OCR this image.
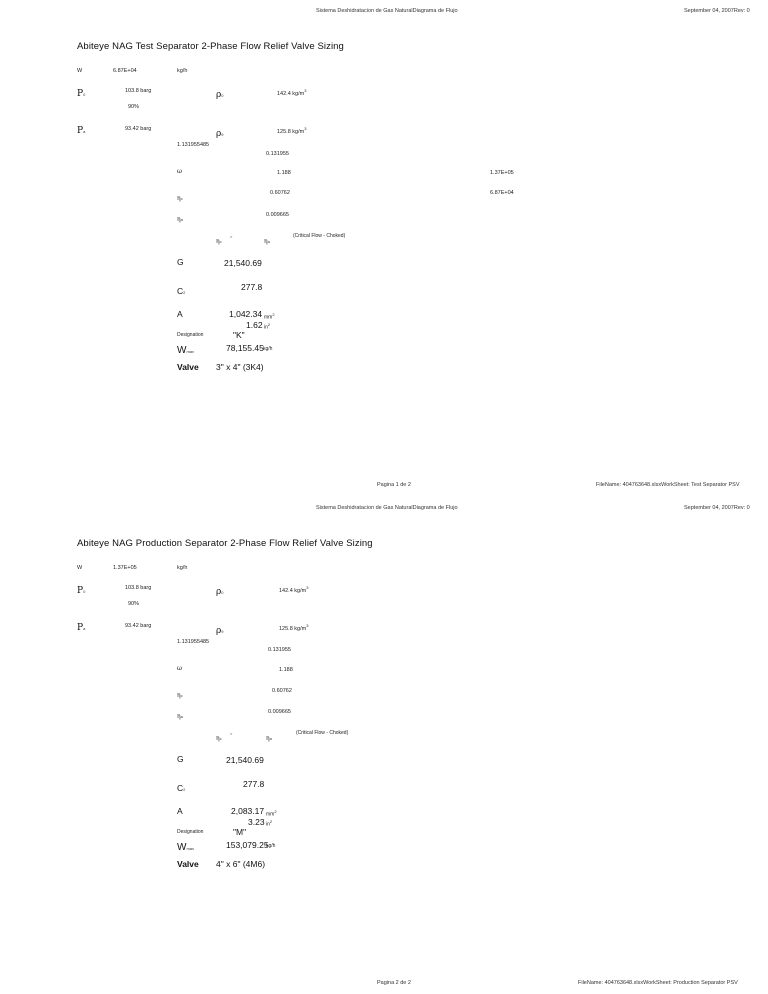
Sistema Deshidratacion de Gas NaturalDiagrama de Flujo	September 04, 2007Rev: 0
Abiteye NAG Test Separator 2-Phase Flow Relief Valve Sizing
W	6.87E+04	kg/h
P0
103.8 barg	ρ0	142.4 $kg/m^3$
90%
Pa	93.42 barg	ρ9	125.8 $kg/m^3$
1.131955485
0.131955
ω	1.188	1.37E+05
ηc
0.60762	6.87E+04
ηa
0.009665
ηc
>
ηa
(Critical Flow - Choked)
G	21,540.69
C2
277.8
A	1,042.34 $mm^2$
1.62 $in^2$
Designation	"K"
Wmax	78,155.45 kg/h
Valve 3" x 4" (3K4)
Pagina 1 de 2	FileName: 404763648.xlsxWorkSheet: Test Separator PSV
Sistema Deshidratacion de Gas NaturalDiagrama de Flujo	September 04, 2007Rev: 0
Abiteye NAG Production Separator 2-Phase Flow Relief Valve Sizing
W	1.37E+05	kg/h
P0
103.8 barg	ρ0	142.4 $kg/m^3$
90%
Pa	93.42 barg	ρ9	125.8 $kg/m^3$
1.131955485
0.131955
ω	1.188
ηc
0.60762
ηa
0.009665
ηc
>
ηa
(Critical Flow - Choked)
G	21,540.69
C2
277.8
A	2,083.17 $mm^2$
3.23 $in^2$
Designation	"M"
Wmax	153,079.25
kg/h
Valve 4" x 6" (4M6)
Pagina 2 de 2	FileName: 404763648.xlsxWorkSheet: Production Separator PSV
